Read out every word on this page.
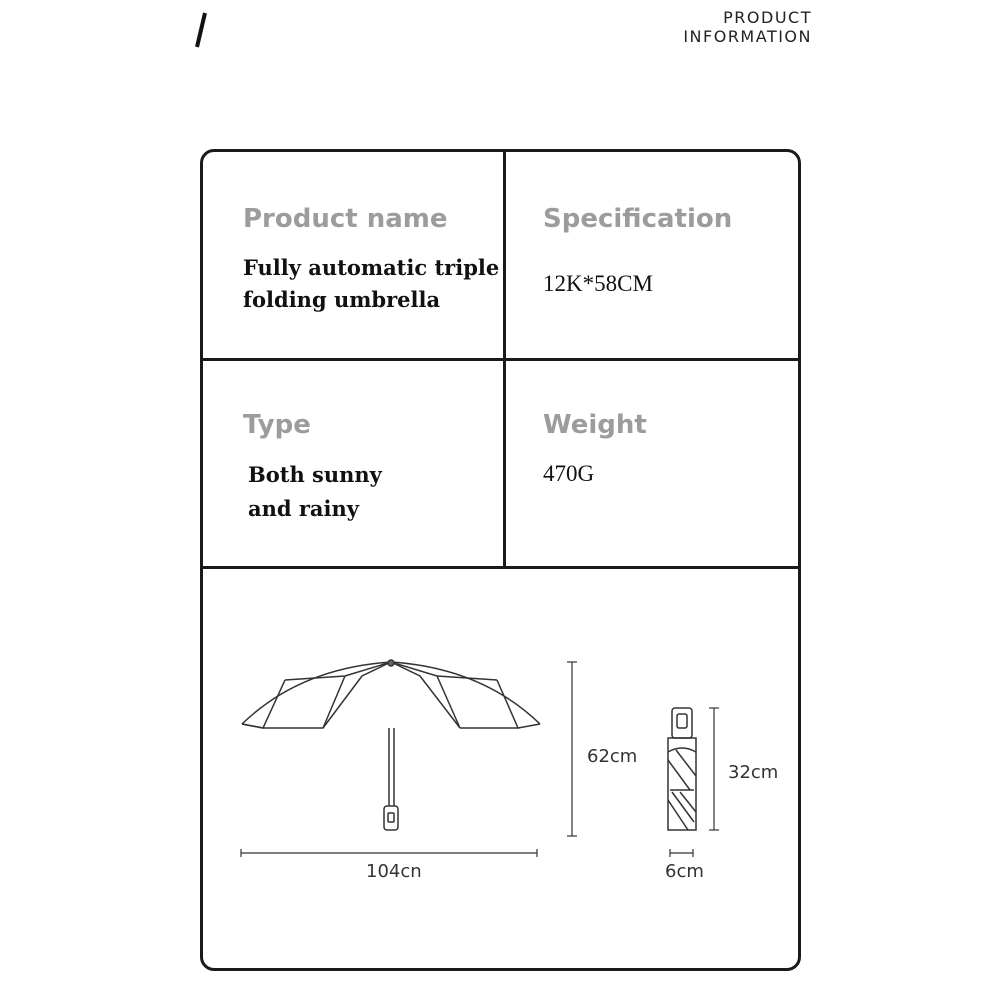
PRODUCT
INFORMATION
Product name
Fully automatic triple
folding umbrella
Specification
12K*58CM
Type
Both sunny
and rainy
Weight
470G
62cm
104cn
32cm
6cm
